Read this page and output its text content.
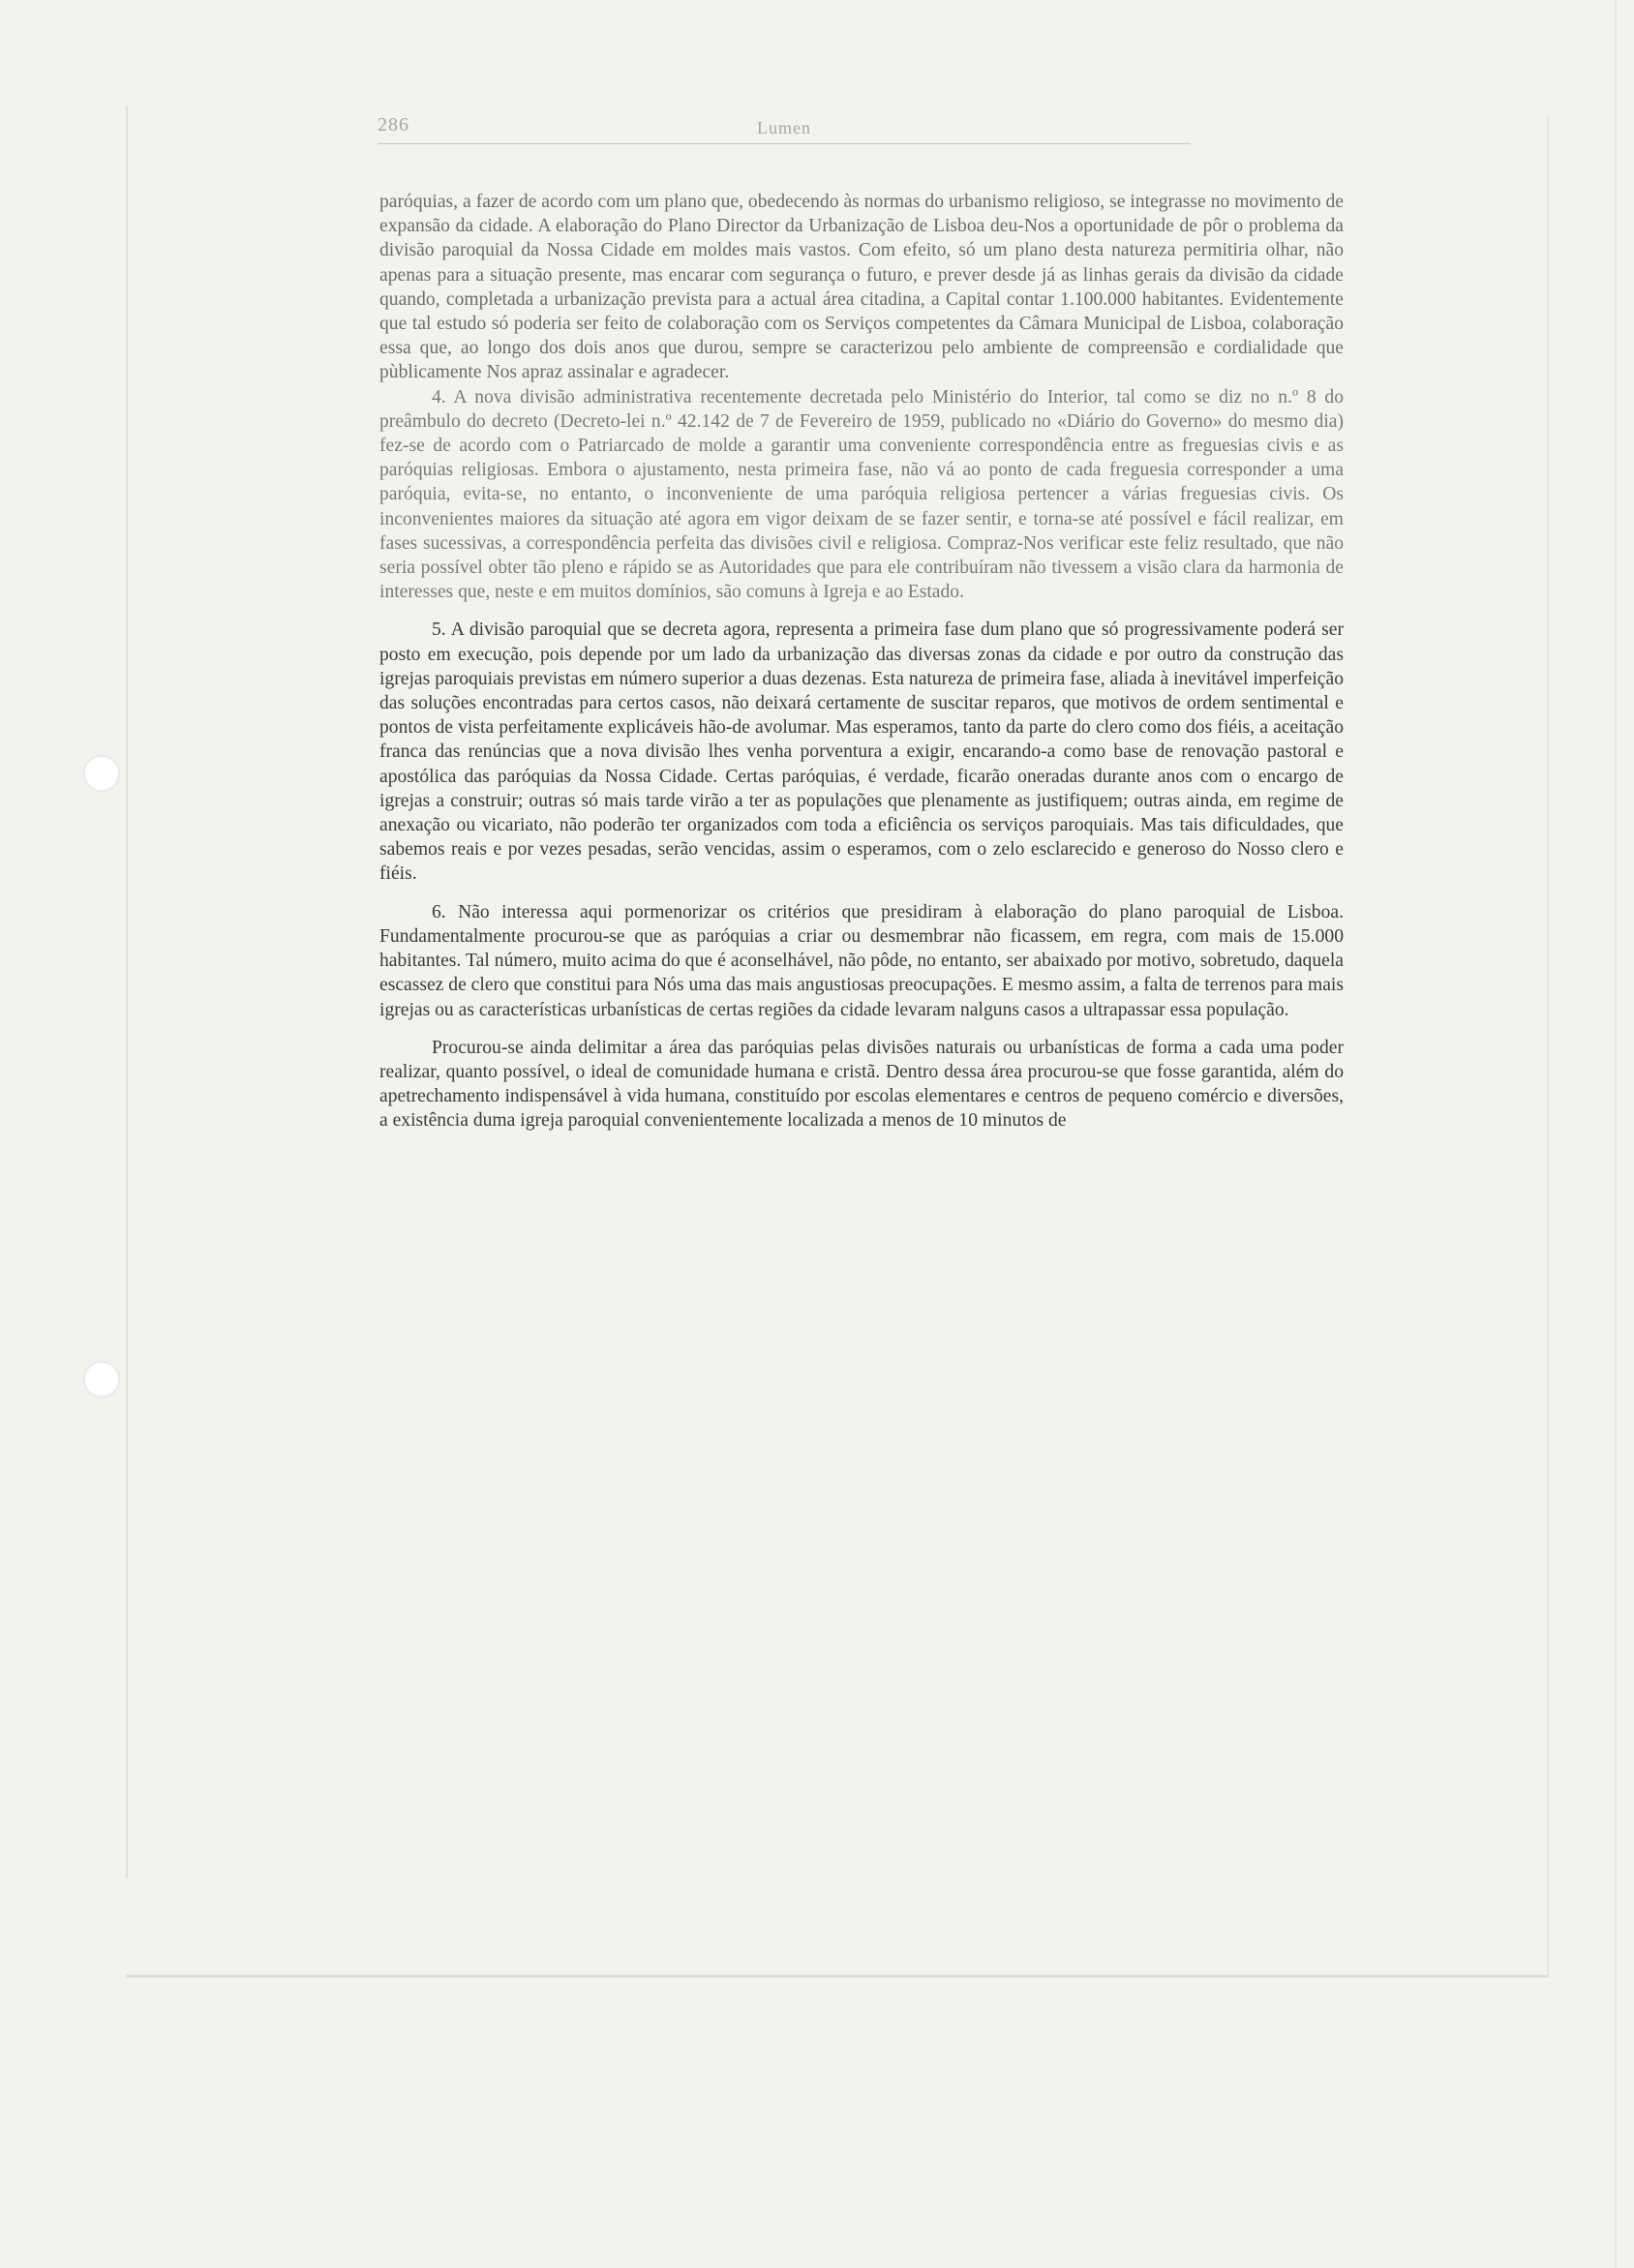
286	Lumen

paróquias, a fazer de acordo com um plano que, obedecendo às normas do urbanismo religioso, se integrasse no movimento de expansão da cidade. A elaboração do Plano Director da Urbanização de Lisboa deu-Nos a oportunidade de pôr o problema da divisão paroquial da Nossa Cidade em moldes mais vastos. Com efeito, só um plano desta natureza permitiria olhar, não apenas para a situação presente, mas encarar com segurança o futuro, e prever desde já as linhas gerais da divisão da cidade quando, completada a urbanização prevista para a actual área citadina, a Capital contar 1.100.000 habitantes. Evidentemente que tal estudo só poderia ser feito de colaboração com os Serviços competentes da Câmara Municipal de Lisboa, colaboração essa que, ao longo dos dois anos que durou, sempre se caracterizou pelo ambiente de compreensão e cordialidade que pùblicamente Nos apraz assinalar e agradecer.

4. A nova divisão administrativa recentemente decretada pelo Ministério do Interior, tal como se diz no n.º 8 do preâmbulo do decreto (Decreto-lei n.º 42.142 de 7 de Fevereiro de 1959, publicado no «Diário do Governo» do mesmo dia) fez-se de acordo com o Patriarcado de molde a garantir uma conveniente correspondência entre as freguesias civis e as paróquias religiosas. Embora o ajustamento, nesta primeira fase, não vá ao ponto de cada freguesia corresponder a uma paróquia, evita-se, no entanto, o inconveniente de uma paróquia religiosa pertencer a várias freguesias civis. Os inconvenientes maiores da situação até agora em vigor deixam de se fazer sentir, e torna-se até possível e fácil realizar, em fases sucessivas, a correspondência perfeita das divisões civil e religiosa. Compraz-Nos verificar este feliz resultado, que não seria possível obter tão pleno e rápido se as Autoridades que para ele contribuíram não tivessem a visão clara da harmonia de interesses que, neste e em muitos domínios, são comuns à Igreja e ao Estado.

5. A divisão paroquial que se decreta agora, representa a primeira fase dum plano que só progressivamente poderá ser posto em execução, pois depende por um lado da urbanização das diversas zonas da cidade e por outro da construção das igrejas paroquiais previstas em número superior a duas dezenas. Esta natureza de primeira fase, aliada à inevitável imperfeição das soluções encontradas para certos casos, não deixará certamente de suscitar reparos, que motivos de ordem sentimental e pontos de vista perfeitamente explicáveis hão-de avolumar. Mas esperamos, tanto da parte do clero como dos fiéis, a aceitação franca das renúncias que a nova divisão lhes venha porventura a exigir, encarando-a como base de renovação pastoral e apostólica das paróquias da Nossa Cidade. Certas paróquias, é verdade, ficarão oneradas durante anos com o encargo de igrejas a construir; outras só mais tarde virão a ter as populações que plenamente as justifiquem; outras ainda, em regime de anexação ou vicariato, não poderão ter organizados com toda a eficiência os serviços paroquiais. Mas tais dificuldades, que sabemos reais e por vezes pesadas, serão vencidas, assim o esperamos, com o zelo esclarecido e generoso do Nosso clero e fiéis.

6. Não interessa aqui pormenorizar os critérios que presidiram à elaboração do plano paroquial de Lisboa. Fundamentalmente procurou-se que as paróquias a criar ou desmembrar não ficassem, em regra, com mais de 15.000 habitantes. Tal número, muito acima do que é aconselhável, não pôde, no entanto, ser abaixado por motivo, sobretudo, daquela escassez de clero que constitui para Nós uma das mais angustiosas preocupações. E mesmo assim, a falta de terrenos para mais igrejas ou as características urbanísticas de certas regiões da cidade levaram nalguns casos a ultrapassar essa população.

Procurou-se ainda delimitar a área das paróquias pelas divisões naturais ou urbanísticas de forma a cada uma poder realizar, quanto possível, o ideal de comunidade humana e cristã. Dentro dessa área procurou-se que fosse garantida, além do apetrechamento indispensável à vida humana, constituído por escolas elementares e centros de pequeno comércio e diversões, a existência duma igreja paroquial convenientemente localizada a menos de 10 minutos de
